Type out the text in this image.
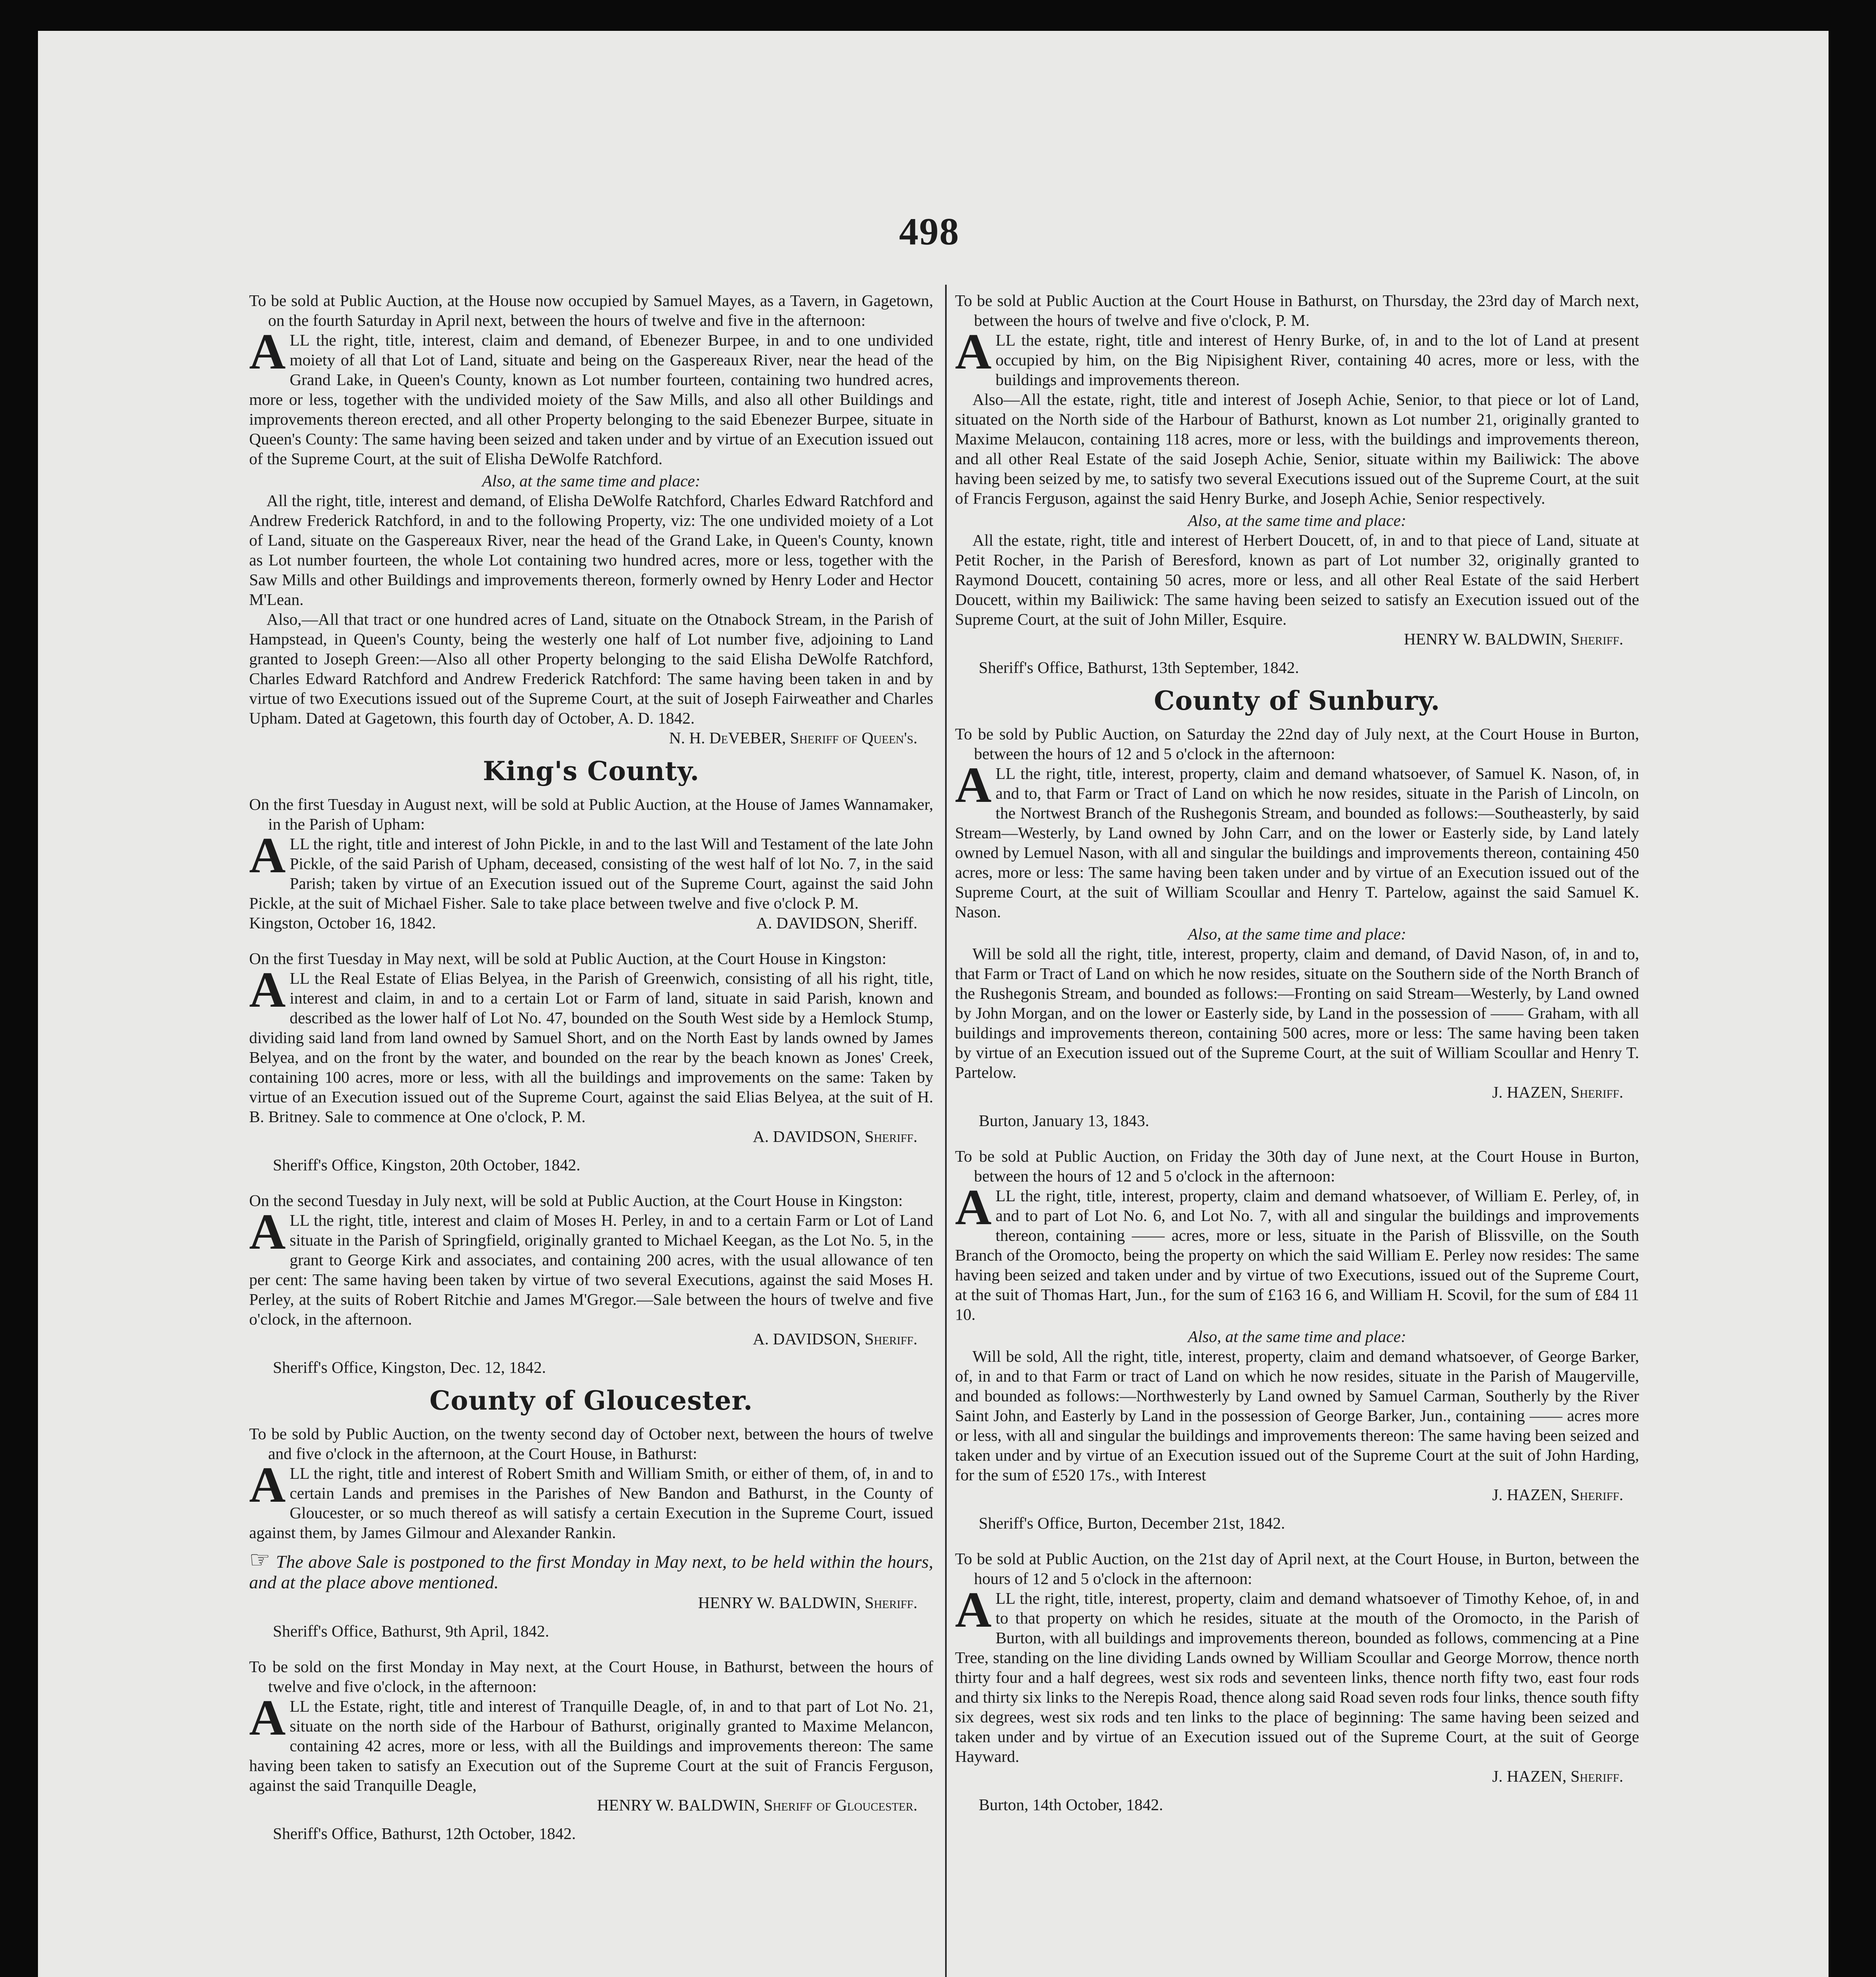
498

To be sold at Public Auction, at the House now occupied by Samuel Mayes, as a Tavern, in Gagetown, on the fourth Saturday in April next, between the hours of twelve and five in the afternoon:

ALL the right, title, interest, claim and demand, of Ebenezer Burpee, in and to one undivided moiety of all that Lot of Land, situate and being on the Gaspereaux River, near the head of the Grand Lake, in Queen's County, known as Lot number fourteen, containing two hundred acres, more or less, together with the undivided moiety of the Saw Mills, and also all other Buildings and improvements thereon erected, and all other Property belonging to the said Ebenezer Burpee, situate in Queen's County: The same having been seized and taken under and by virtue of an Execution issued out of the Supreme Court, at the suit of Elisha DeWolfe Ratchford.

Also, at the same time and place:

All the right, title, interest and demand, of Elisha DeWolfe Ratchford, Charles Edward Ratchford and Andrew Frederick Ratchford, in and to the following Property, viz: The one undivided moiety of a Lot of Land, situate on the Gaspereaux River, near the head of the Grand Lake, in Queen's County, known as Lot number fourteen, the whole Lot containing two hundred acres, more or less, together with the Saw Mills and other Buildings and improvements thereon, formerly owned by Henry Loder and Hector M'Lean.

Also,—All that tract or one hundred acres of Land, situate on the Otnabock Stream, in the Parish of Hampstead, in Queen's County, being the westerly one half of Lot number five, adjoining to Land granted to Joseph Green:—Also all other Property belonging to the said Elisha DeWolfe Ratchford, Charles Edward Ratchford and Andrew Frederick Ratchford: The same having been taken in and by virtue of two Executions issued out of the Supreme Court, at the suit of Joseph Fairweather and Charles Upham. Dated at Gagetown, this fourth day of October, A. D. 1842.

N. H. DeVEBER, Sheriff of Queen's.

King's County.

On the first Tuesday in August next, will be sold at Public Auction, at the House of James Wannamaker, in the Parish of Upham:

ALL the right, title and interest of John Pickle, in and to the last Will and Testament of the late John Pickle, of the said Parish of Upham, deceased, consisting of the west half of lot No. 7, in the said Parish; taken by virtue of an Execution issued out of the Supreme Court, against the said John Pickle, at the suit of Michael Fisher. Sale to take place between twelve and five o'clock P. M.

Kingston, October 16, 1842.	A. DAVIDSON, Sheriff.

On the first Tuesday in May next, will be sold at Public Auction, at the Court House in Kingston:

ALL the Real Estate of Elias Belyea, in the Parish of Greenwich, consisting of all his right, title, interest and claim, in and to a certain Lot or Farm of land, situate in said Parish, known and described as the lower half of Lot No. 47, bounded on the South West side by a Hemlock Stump, dividing said land from land owned by Samuel Short, and on the North East by lands owned by James Belyea, and on the front by the water, and bounded on the rear by the beach known as Jones' Creek, containing 100 acres, more or less, with all the buildings and improvements on the same: Taken by virtue of an Execution issued out of the Supreme Court, against the said Elias Belyea, at the suit of H. B. Britney. Sale to commence at One o'clock, P. M.

A. DAVIDSON, Sheriff.

Sheriff's Office, Kingston, 20th October, 1842.

On the second Tuesday in July next, will be sold at Public Auction, at the Court House in Kingston:

ALL the right, title, interest and claim of Moses H. Perley, in and to a certain Farm or Lot of Land situate in the Parish of Springfield, originally granted to Michael Keegan, as the Lot No. 5, in the grant to George Kirk and associates, and containing 200 acres, with the usual allowance of ten per cent: The same having been taken by virtue of two several Executions, against the said Moses H. Perley, at the suits of Robert Ritchie and James M'Gregor.—Sale between the hours of twelve and five o'clock, in the afternoon.

A. DAVIDSON, Sheriff.

Sheriff's Office, Kingston, Dec. 12, 1842.

County of Gloucester.

To be sold by Public Auction, on the twenty second day of October next, between the hours of twelve and five o'clock in the afternoon, at the Court House, in Bathurst:

ALL the right, title and interest of Robert Smith and William Smith, or either of them, of, in and to certain Lands and premises in the Parishes of New Bandon and Bathurst, in the County of Gloucester, or so much thereof as will satisfy a certain Execution in the Supreme Court, issued against them, by James Gilmour and Alexander Rankin.

☞ The above Sale is postponed to the first Monday in May next, to be held within the hours, and at the place above mentioned.

HENRY W. BALDWIN, Sheriff.

Sheriff's Office, Bathurst, 9th April, 1842.

To be sold on the first Monday in May next, at the Court House, in Bathurst, between the hours of twelve and five o'clock, in the afternoon:

ALL the Estate, right, title and interest of Tranquille Deagle, of, in and to that part of Lot No. 21, situate on the north side of the Harbour of Bathurst, originally granted to Maxime Melancon, containing 42 acres, more or less, with all the Buildings and improvements thereon: The same having been taken to satisfy an Execution out of the Supreme Court at the suit of Francis Ferguson, against the said Tranquille Deagle,

HENRY W. BALDWIN, Sheriff of Gloucester.

Sheriff's Office, Bathurst, 12th October, 1842.

To be sold at Public Auction at the Court House in Bathurst, on Thursday, the 23rd day of March next, between the hours of twelve and five o'clock, P. M.

ALL the estate, right, title and interest of Henry Burke, of, in and to the lot of Land at present occupied by him, on the Big Nipisighent River, containing 40 acres, more or less, with the buildings and improvements thereon.

Also—All the estate, right, title and interest of Joseph Achie, Senior, to that piece or lot of Land, situated on the North side of the Harbour of Bathurst, known as Lot number 21, originally granted to Maxime Melaucon, containing 118 acres, more or less, with the buildings and improvements thereon, and all other Real Estate of the said Joseph Achie, Senior, situate within my Bailiwick: The above having been seized by me, to satisfy two several Executions issued out of the Supreme Court, at the suit of Francis Ferguson, against the said Henry Burke, and Joseph Achie, Senior respectively.

Also, at the same time and place:

All the estate, right, title and interest of Herbert Doucett, of, in and to that piece of Land, situate at Petit Rocher, in the Parish of Beresford, known as part of Lot number 32, originally granted to Raymond Doucett, containing 50 acres, more or less, and all other Real Estate of the said Herbert Doucett, within my Bailiwick: The same having been seized to satisfy an Execution issued out of the Supreme Court, at the suit of John Miller, Esquire.

HENRY W. BALDWIN, Sheriff.

Sheriff's Office, Bathurst, 13th September, 1842.

County of Sunbury.

To be sold by Public Auction, on Saturday the 22nd day of July next, at the Court House in Burton, between the hours of 12 and 5 o'clock in the afternoon:

ALL the right, title, interest, property, claim and demand whatsoever, of Samuel K. Nason, of, in and to, that Farm or Tract of Land on which he now resides, situate in the Parish of Lincoln, on the Nortwest Branch of the Rushegonis Stream, and bounded as follows:—Southeasterly, by said Stream—Westerly, by Land owned by John Carr, and on the lower or Easterly side, by Land lately owned by Lemuel Nason, with all and singular the buildings and improvements thereon, containing 450 acres, more or less: The same having been taken under and by virtue of an Execution issued out of the Supreme Court, at the suit of William Scoullar and Henry T. Partelow, against the said Samuel K. Nason.

Also, at the same time and place:

Will be sold all the right, title, interest, property, claim and demand, of David Nason, of, in and to, that Farm or Tract of Land on which he now resides, situate on the Southern side of the North Branch of the Rushegonis Stream, and bounded as follows:—Fronting on said Stream—Westerly, by Land owned by John Morgan, and on the lower or Easterly side, by Land in the possession of —— Graham, with all buildings and improvements thereon, containing 500 acres, more or less: The same having been taken by virtue of an Execution issued out of the Supreme Court, at the suit of William Scoullar and Henry T. Partelow.

J. HAZEN, Sheriff.

Burton, January 13, 1843.

To be sold at Public Auction, on Friday the 30th day of June next, at the Court House in Burton, between the hours of 12 and 5 o'clock in the afternoon:

ALL the right, title, interest, property, claim and demand whatsoever, of William E. Perley, of, in and to part of Lot No. 6, and Lot No. 7, with all and singular the buildings and improvements thereon, containing —— acres, more or less, situate in the Parish of Blissville, on the South Branch of the Oromocto, being the property on which the said William E. Perley now resides: The same having been seized and taken under and by virtue of two Executions, issued out of the Supreme Court, at the suit of Thomas Hart, Jun., for the sum of £163 16 6, and William H. Scovil, for the sum of £84 11 10.

Also, at the same time and place:

Will be sold, All the right, title, interest, property, claim and demand whatsoever, of George Barker, of, in and to that Farm or tract of Land on which he now resides, situate in the Parish of Maugerville, and bounded as follows:—Northwesterly by Land owned by Samuel Carman, Southerly by the River Saint John, and Easterly by Land in the possession of George Barker, Jun., containing —— acres more or less, with all and singular the buildings and improvements thereon: The same having been seized and taken under and by virtue of an Execution issued out of the Supreme Court at the suit of John Harding, for the sum of £520 17s., with Interest

J. HAZEN, Sheriff.

Sheriff's Office, Burton, December 21st, 1842.

To be sold at Public Auction, on the 21st day of April next, at the Court House, in Burton, between the hours of 12 and 5 o'clock in the afternoon:

ALL the right, title, interest, property, claim and demand whatsoever of Timothy Kehoe, of, in and to that property on which he resides, situate at the mouth of the Oromocto, in the Parish of Burton, with all buildings and improvements thereon, bounded as follows, commencing at a Pine Tree, standing on the line dividing Lands owned by William Scoullar and George Morrow, thence north thirty four and a half degrees, west six rods and seventeen links, thence north fifty two, east four rods and thirty six links to the Nerepis Road, thence along said Road seven rods four links, thence south fifty six degrees, west six rods and ten links to the place of beginning: The same having been seized and taken under and by virtue of an Execution issued out of the Supreme Court, at the suit of George Hayward.

J. HAZEN, Sheriff.

Burton, 14th October, 1842.
